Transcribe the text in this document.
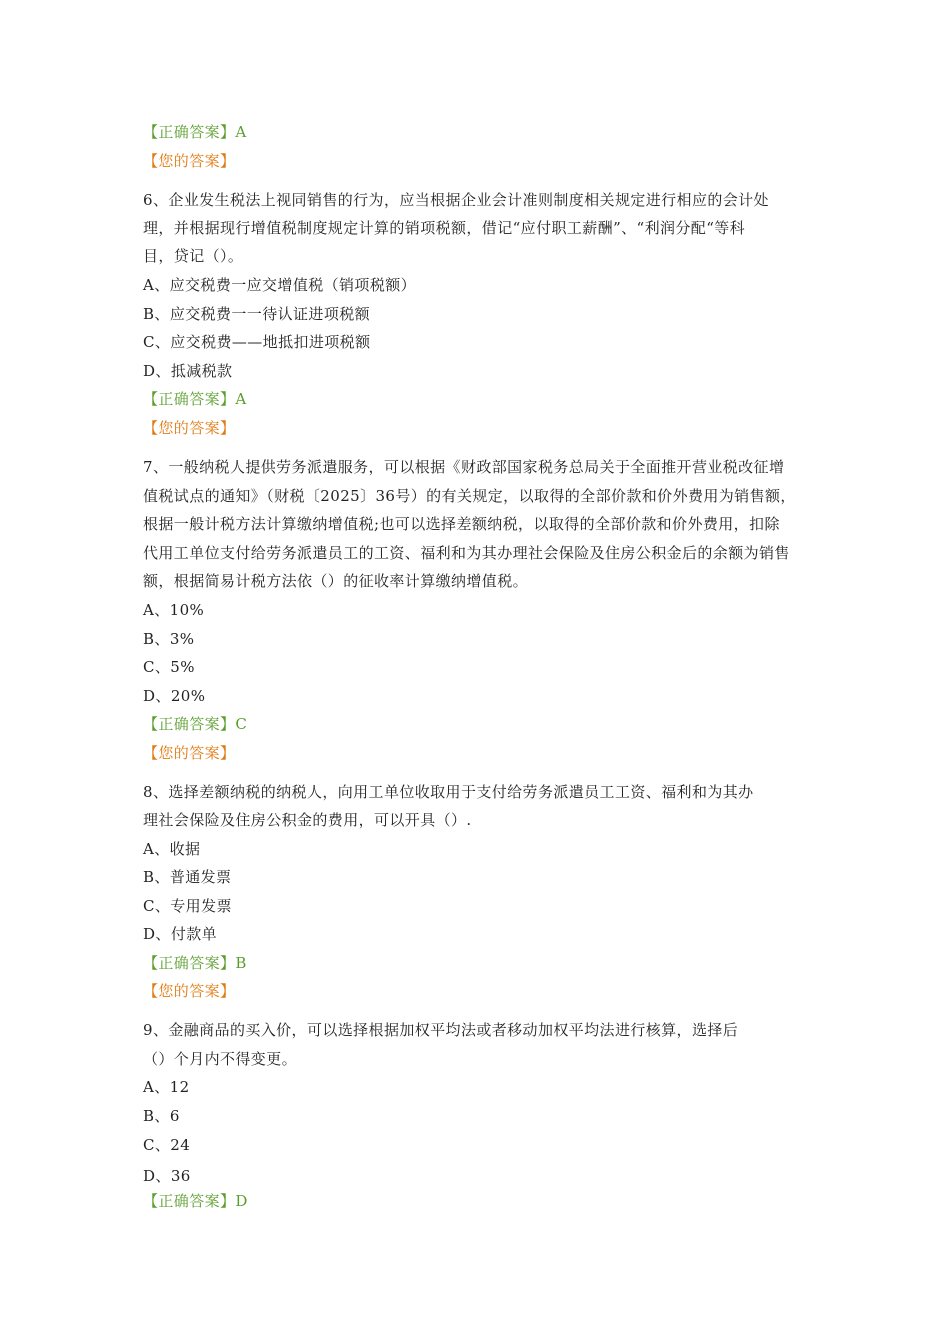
【正确答案】A
【您的答案】
6、企业发生税法上视同销售的行为，应当根据企业会计准则制度相关规定进行相应的会计处
理，并根据现行增值税制度规定计算的销项税额，借记“应付职工薪酬”、“利润分配“等科
目，贷记（）。
A、应交税费一应交增值税（销项税额）
B、应交税费一一待认证进项税额
C、应交税费——地抵扣进项税额
D、抵减税款
【正确答案】A
【您的答案】
7、一般纳税人提供劳务派遣服务，可以根据《财政部国家税务总局关于全面推开营业税改征增
值税试点的通知》（财税〔2025〕36号）的有关规定，以取得的全部价款和价外费用为销售额，
根据一般计税方法计算缴纳增值税;也可以选择差额纳税，以取得的全部价款和价外费用，扣除
代用工单位支付给劳务派遣员工的工资、福利和为其办理社会保险及住房公积金后的余额为销售
额，根据简易计税方法依（）的征收率计算缴纳增值税。
A、10%
B、3%
C、5%
D、20%
【正确答案】C
【您的答案】
8、选择差额纳税的纳税人，向用工单位收取用于支付给劳务派遣员工工资、福利和为其办
理社会保险及住房公积金的费用，可以开具（）.
A、收据
B、普通发票
C、专用发票
D、付款单
【正确答案】B
【您的答案】
9、金融商品的买入价，可以选择根据加权平均法或者移动加权平均法进行核算，选择后
（）个月内不得变更。
A、12
B、6
C、24
D、36
【正确答案】D
